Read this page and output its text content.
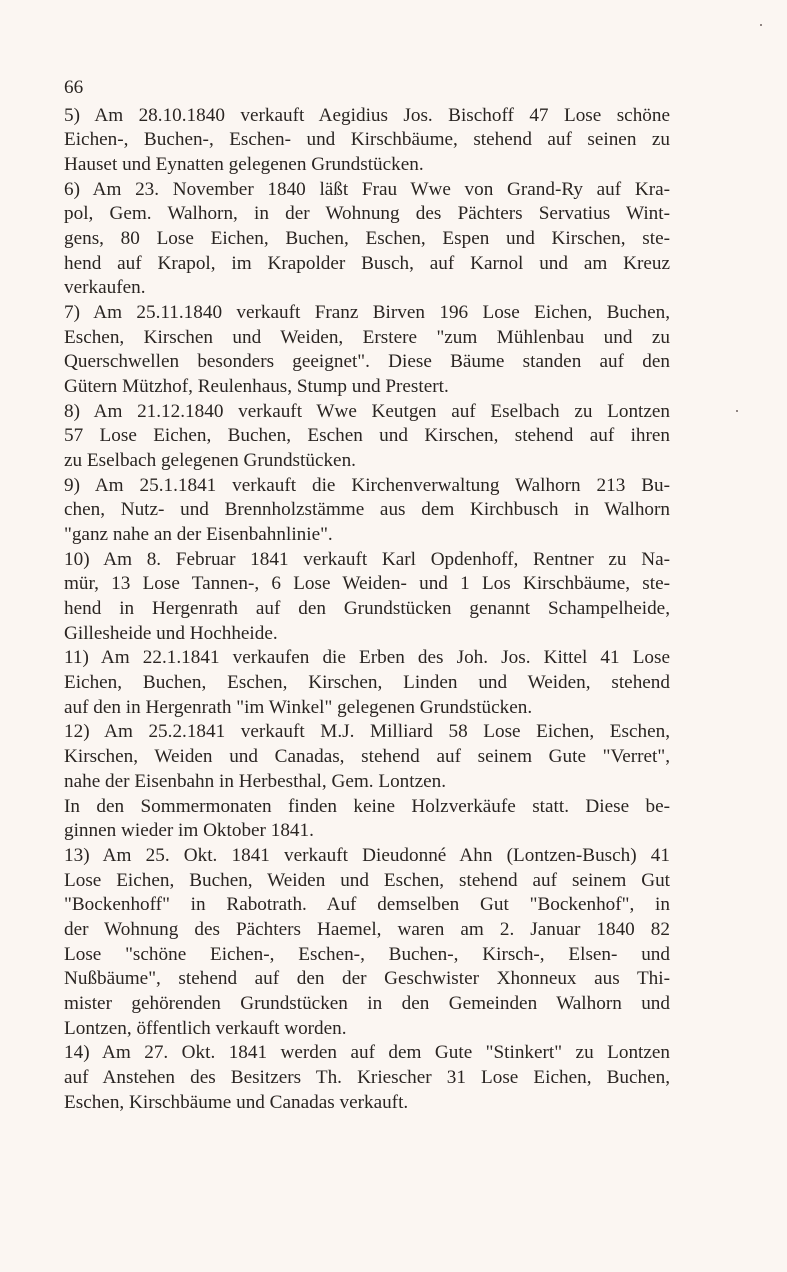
66
5) Am 28.10.1840 verkauft Aegidius Jos. Bischoff 47 Lose schöne
Eichen-, Buchen-, Eschen- und Kirschbäume, stehend auf seinen zu
Hauset und Eynatten gelegenen Grundstücken.
6) Am 23. November 1840 läßt Frau Wwe von Grand-Ry auf Kra-
pol, Gem. Walhorn, in der Wohnung des Pächters Servatius Wint-
gens, 80 Lose Eichen, Buchen, Eschen, Espen und Kirschen, ste-
hend auf Krapol, im Krapolder Busch, auf Karnol und am Kreuz
verkaufen.
7) Am 25.11.1840 verkauft Franz Birven 196 Lose Eichen, Buchen,
Eschen, Kirschen und Weiden, Erstere "zum Mühlenbau und zu
Querschwellen besonders geeignet". Diese Bäume standen auf den
Gütern Mützhof, Reulenhaus, Stump und Prestert.
8) Am 21.12.1840 verkauft Wwe Keutgen auf Eselbach zu Lontzen
57 Lose Eichen, Buchen, Eschen und Kirschen, stehend auf ihren
zu Eselbach gelegenen Grundstücken.
9) Am 25.1.1841 verkauft die Kirchenverwaltung Walhorn 213 Bu-
chen, Nutz- und Brennholzstämme aus dem Kirchbusch in Walhorn
"ganz nahe an der Eisenbahnlinie".
10) Am 8. Februar 1841 verkauft Karl Opdenhoff, Rentner zu Na-
mür, 13 Lose Tannen-, 6 Lose Weiden- und 1 Los Kirschbäume, ste-
hend in Hergenrath auf den Grundstücken genannt Schampelheide,
Gillesheide und Hochheide.
11) Am 22.1.1841 verkaufen die Erben des Joh. Jos. Kittel 41 Lose
Eichen, Buchen, Eschen, Kirschen, Linden und Weiden, stehend
auf den in Hergenrath "im Winkel" gelegenen Grundstücken.
12) Am 25.2.1841 verkauft M.J. Milliard 58 Lose Eichen, Eschen,
Kirschen, Weiden und Canadas, stehend auf seinem Gute "Verret",
nahe der Eisenbahn in Herbesthal, Gem. Lontzen.
In den Sommermonaten finden keine Holzverkäufe statt. Diese be-
ginnen wieder im Oktober 1841.
13) Am 25. Okt. 1841 verkauft Dieudonné Ahn (Lontzen-Busch) 41
Lose Eichen, Buchen, Weiden und Eschen, stehend auf seinem Gut
"Bockenhoff" in Rabotrath. Auf demselben Gut "Bockenhof", in
der Wohnung des Pächters Haemel, waren am 2. Januar 1840 82
Lose "schöne Eichen-, Eschen-, Buchen-, Kirsch-, Elsen- und
Nußbäume", stehend auf den der Geschwister Xhonneux aus Thi-
mister gehörenden Grundstücken in den Gemeinden Walhorn und
Lontzen, öffentlich verkauft worden.
14) Am 27. Okt. 1841 werden auf dem Gute "Stinkert" zu Lontzen
auf Anstehen des Besitzers Th. Kriescher 31 Lose Eichen, Buchen,
Eschen, Kirschbäume und Canadas verkauft.
